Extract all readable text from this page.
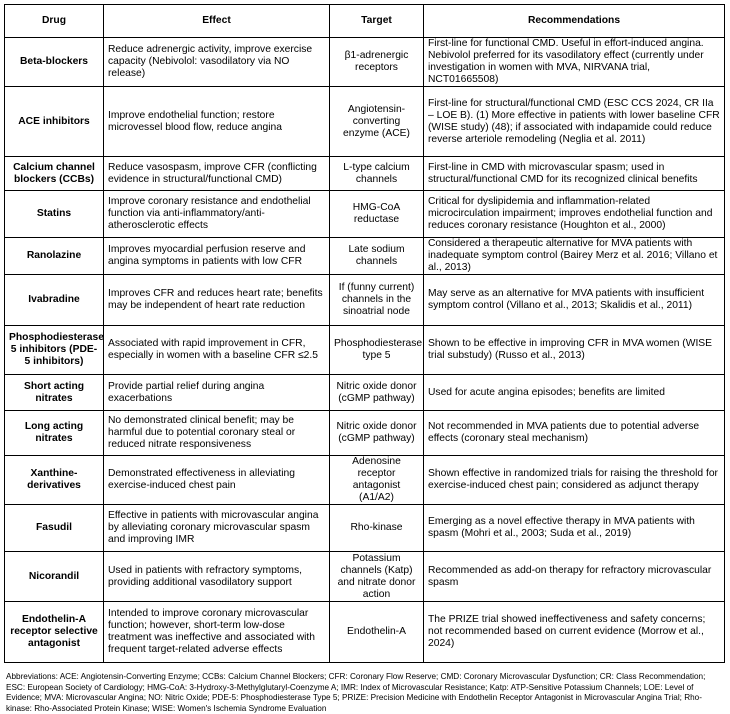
Drug	Effect	Target	Recommendations
Beta-blockers	Reduce adrenergic activity, improve exercise capacity (Nebivolol: vasodilatory via NO release)	β1-adrenergic receptors	First-line for functional CMD. Useful in effort-induced angina. Nebivolol preferred for its vasodilatory effect (currently under investigation in women with MVA, NIRVANA trial, NCT01665508)
ACE inhibitors	Improve endothelial function; restore microvessel blood flow, reduce angina	Angiotensin-converting enzyme (ACE)	First-line for structural/functional CMD (ESC CCS 2024, CR IIa – LOE B). (1) More effective in patients with lower baseline CFR (WISE study) (48); if associated with indapamide could reduce reverse arteriole remodeling (Neglia et al. 2011)
Calcium channel blockers (CCBs)	Reduce vasospasm, improve CFR (conflicting evidence in structural/functional CMD)	L-type calcium channels	First-line in CMD with microvascular spasm; used in structural/functional CMD for its recognized clinical benefits
Statins	Improve coronary resistance and endothelial function via anti-inflammatory/anti-atherosclerotic effects	HMG-CoA reductase	Critical for dyslipidemia and inflammation-related microcirculation impairment; improves endothelial function and reduces coronary resistance (Houghton et al., 2000)
Ranolazine	Improves myocardial perfusion reserve and angina symptoms in patients with low CFR	Late sodium channels	Considered a therapeutic alternative for MVA patients with inadequate symptom control (Bairey Merz et al. 2016; Villano et al., 2013)
Ivabradine	Improves CFR and reduces heart rate; benefits may be independent of heart rate reduction	If (funny current) channels in the sinoatrial node	May serve as an alternative for MVA patients with insufficient symptom control (Villano et al., 2013; Skalidis et al., 2011)
Phosphodiesterase 5 inhibitors (PDE-5 inhibitors)	Associated with rapid improvement in CFR, especially in women with a baseline CFR ≤2.5	Phosphodiesterase type 5	Shown to be effective in improving CFR in MVA women (WISE trial substudy) (Russo et al., 2013)
Short acting nitrates	Provide partial relief during angina exacerbations	Nitric oxide donor (cGMP pathway)	Used for acute angina episodes; benefits are limited
Long acting nitrates	No demonstrated clinical benefit; may be harmful due to potential coronary steal or reduced nitrate responsiveness	Nitric oxide donor (cGMP pathway)	Not recommended in MVA patients due to potential adverse effects (coronary steal mechanism)
Xanthine-derivatives	Demonstrated effectiveness in alleviating exercise-induced chest pain	Adenosine receptor antagonist (A1/A2)	Shown effective in randomized trials for raising the threshold for exercise-induced chest pain; considered as adjunct therapy
Fasudil	Effective in patients with microvascular angina by alleviating coronary microvascular spasm and improving IMR	Rho-kinase	Emerging as a novel effective therapy in MVA patients with spasm (Mohri et al., 2003; Suda et al., 2019)
Nicorandil	Used in patients with refractory symptoms, providing additional vasodilatory support	Potassium channels (Katp) and nitrate donor action	Recommended as add-on therapy for refractory microvascular spasm
Endothelin-A receptor selective antagonist	Intended to improve coronary microvascular function; however, short-term low-dose treatment was ineffective and associated with frequent target-related adverse effects	Endothelin-A	The PRIZE trial showed ineffectiveness and safety concerns; not recommended based on current evidence (Morrow et al., 2024)
Abbreviations: ACE: Angiotensin-Converting Enzyme; CCBs: Calcium Channel Blockers; CFR: Coronary Flow Reserve; CMD: Coronary Microvascular Dysfunction; CR: Class Recommendation; ESC: European Society of Cardiology; HMG-CoA: 3-Hydroxy-3-Methylglutaryl-Coenzyme A; IMR: Index of Microvascular Resistance; Katp: ATP-Sensitive Potassium Channels; LOE: Level of Evidence; MVA: Microvascular Angina; NO: Nitric Oxide; PDE-5: Phosphodiesterase Type 5; PRIZE: Precision Medicine with Endothelin Receptor Antagonist in Microvascular Angina Trial; Rho-kinase: Rho-Associated Protein Kinase; WISE: Women's Ischemia Syndrome Evaluation
